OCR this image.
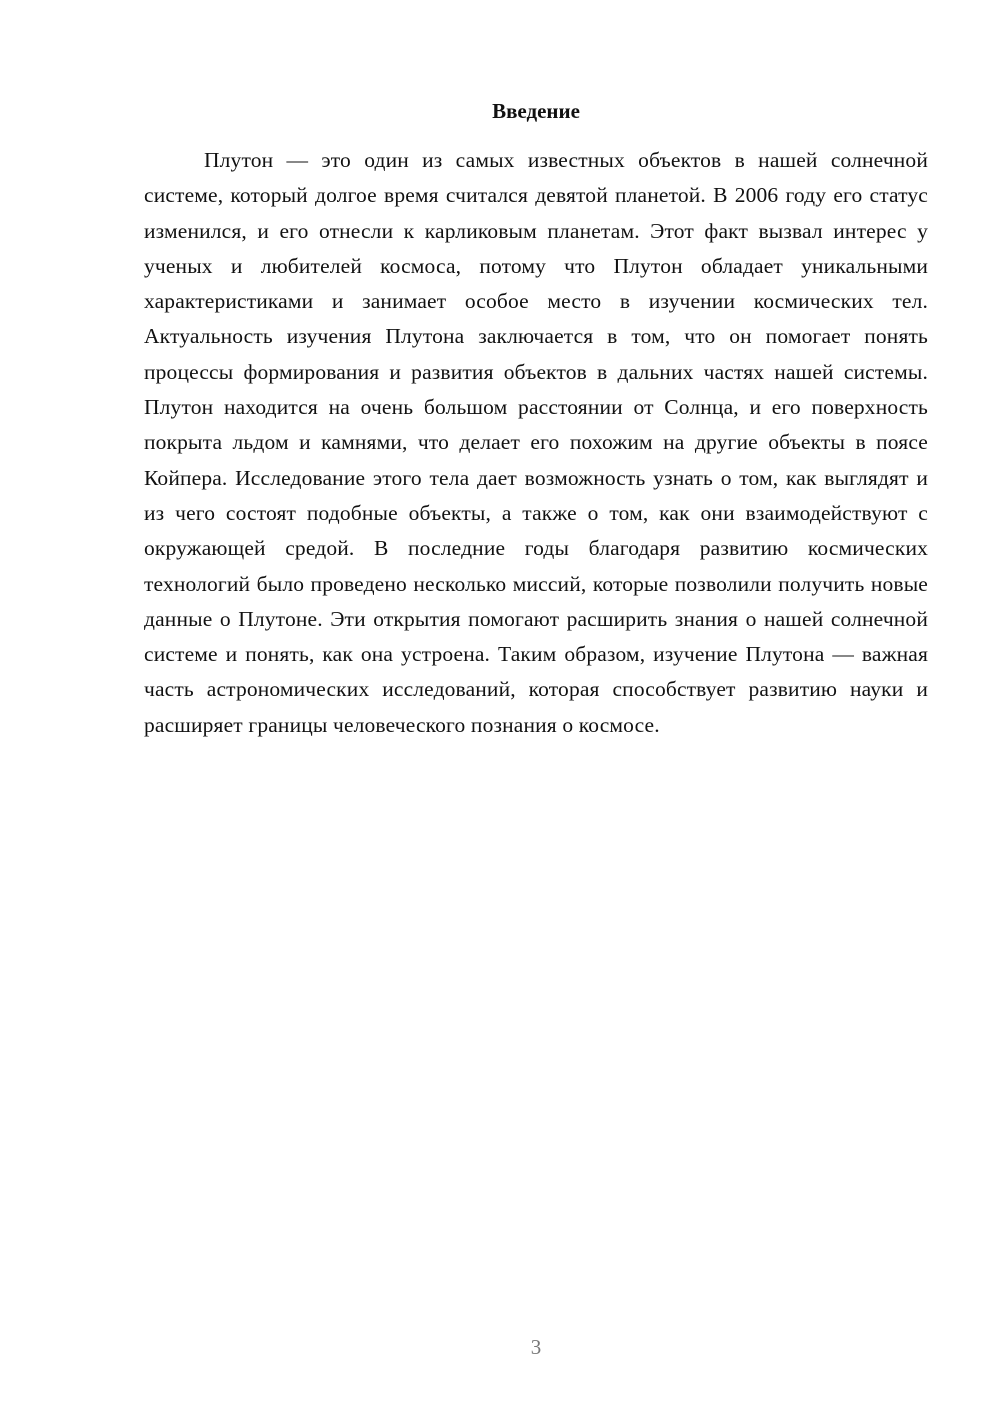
Введение

Плутон — это один из самых известных объектов в нашей солнечной системе, который долгое время считался девятой планетой. В 2006 году его статус изменился, и его отнесли к карликовым планетам. Этот факт вызвал интерес у ученых и любителей космоса, потому что Плутон обладает уникальными характеристиками и занимает особое место в изучении космических тел. Актуальность изучения Плутона заключается в том, что он помогает понять процессы формирования и развития объектов в дальних частях нашей системы. Плутон находится на очень большом расстоянии от Солнца, и его поверхность покрыта льдом и камнями, что делает его похожим на другие объекты в поясе Койпера. Исследование этого тела дает возможность узнать о том, как выглядят и из чего состоят подобные объекты, а также о том, как они взаимодействуют с окружающей средой. В последние годы благодаря развитию космических технологий было проведено несколько миссий, которые позволили получить новые данные о Плутоне. Эти открытия помогают расширить знания о нашей солнечной системе и понять, как она устроена. Таким образом, изучение Плутона — важная часть астрономических исследований, которая способствует развитию науки и расширяет границы человеческого познания о космосе.

3
